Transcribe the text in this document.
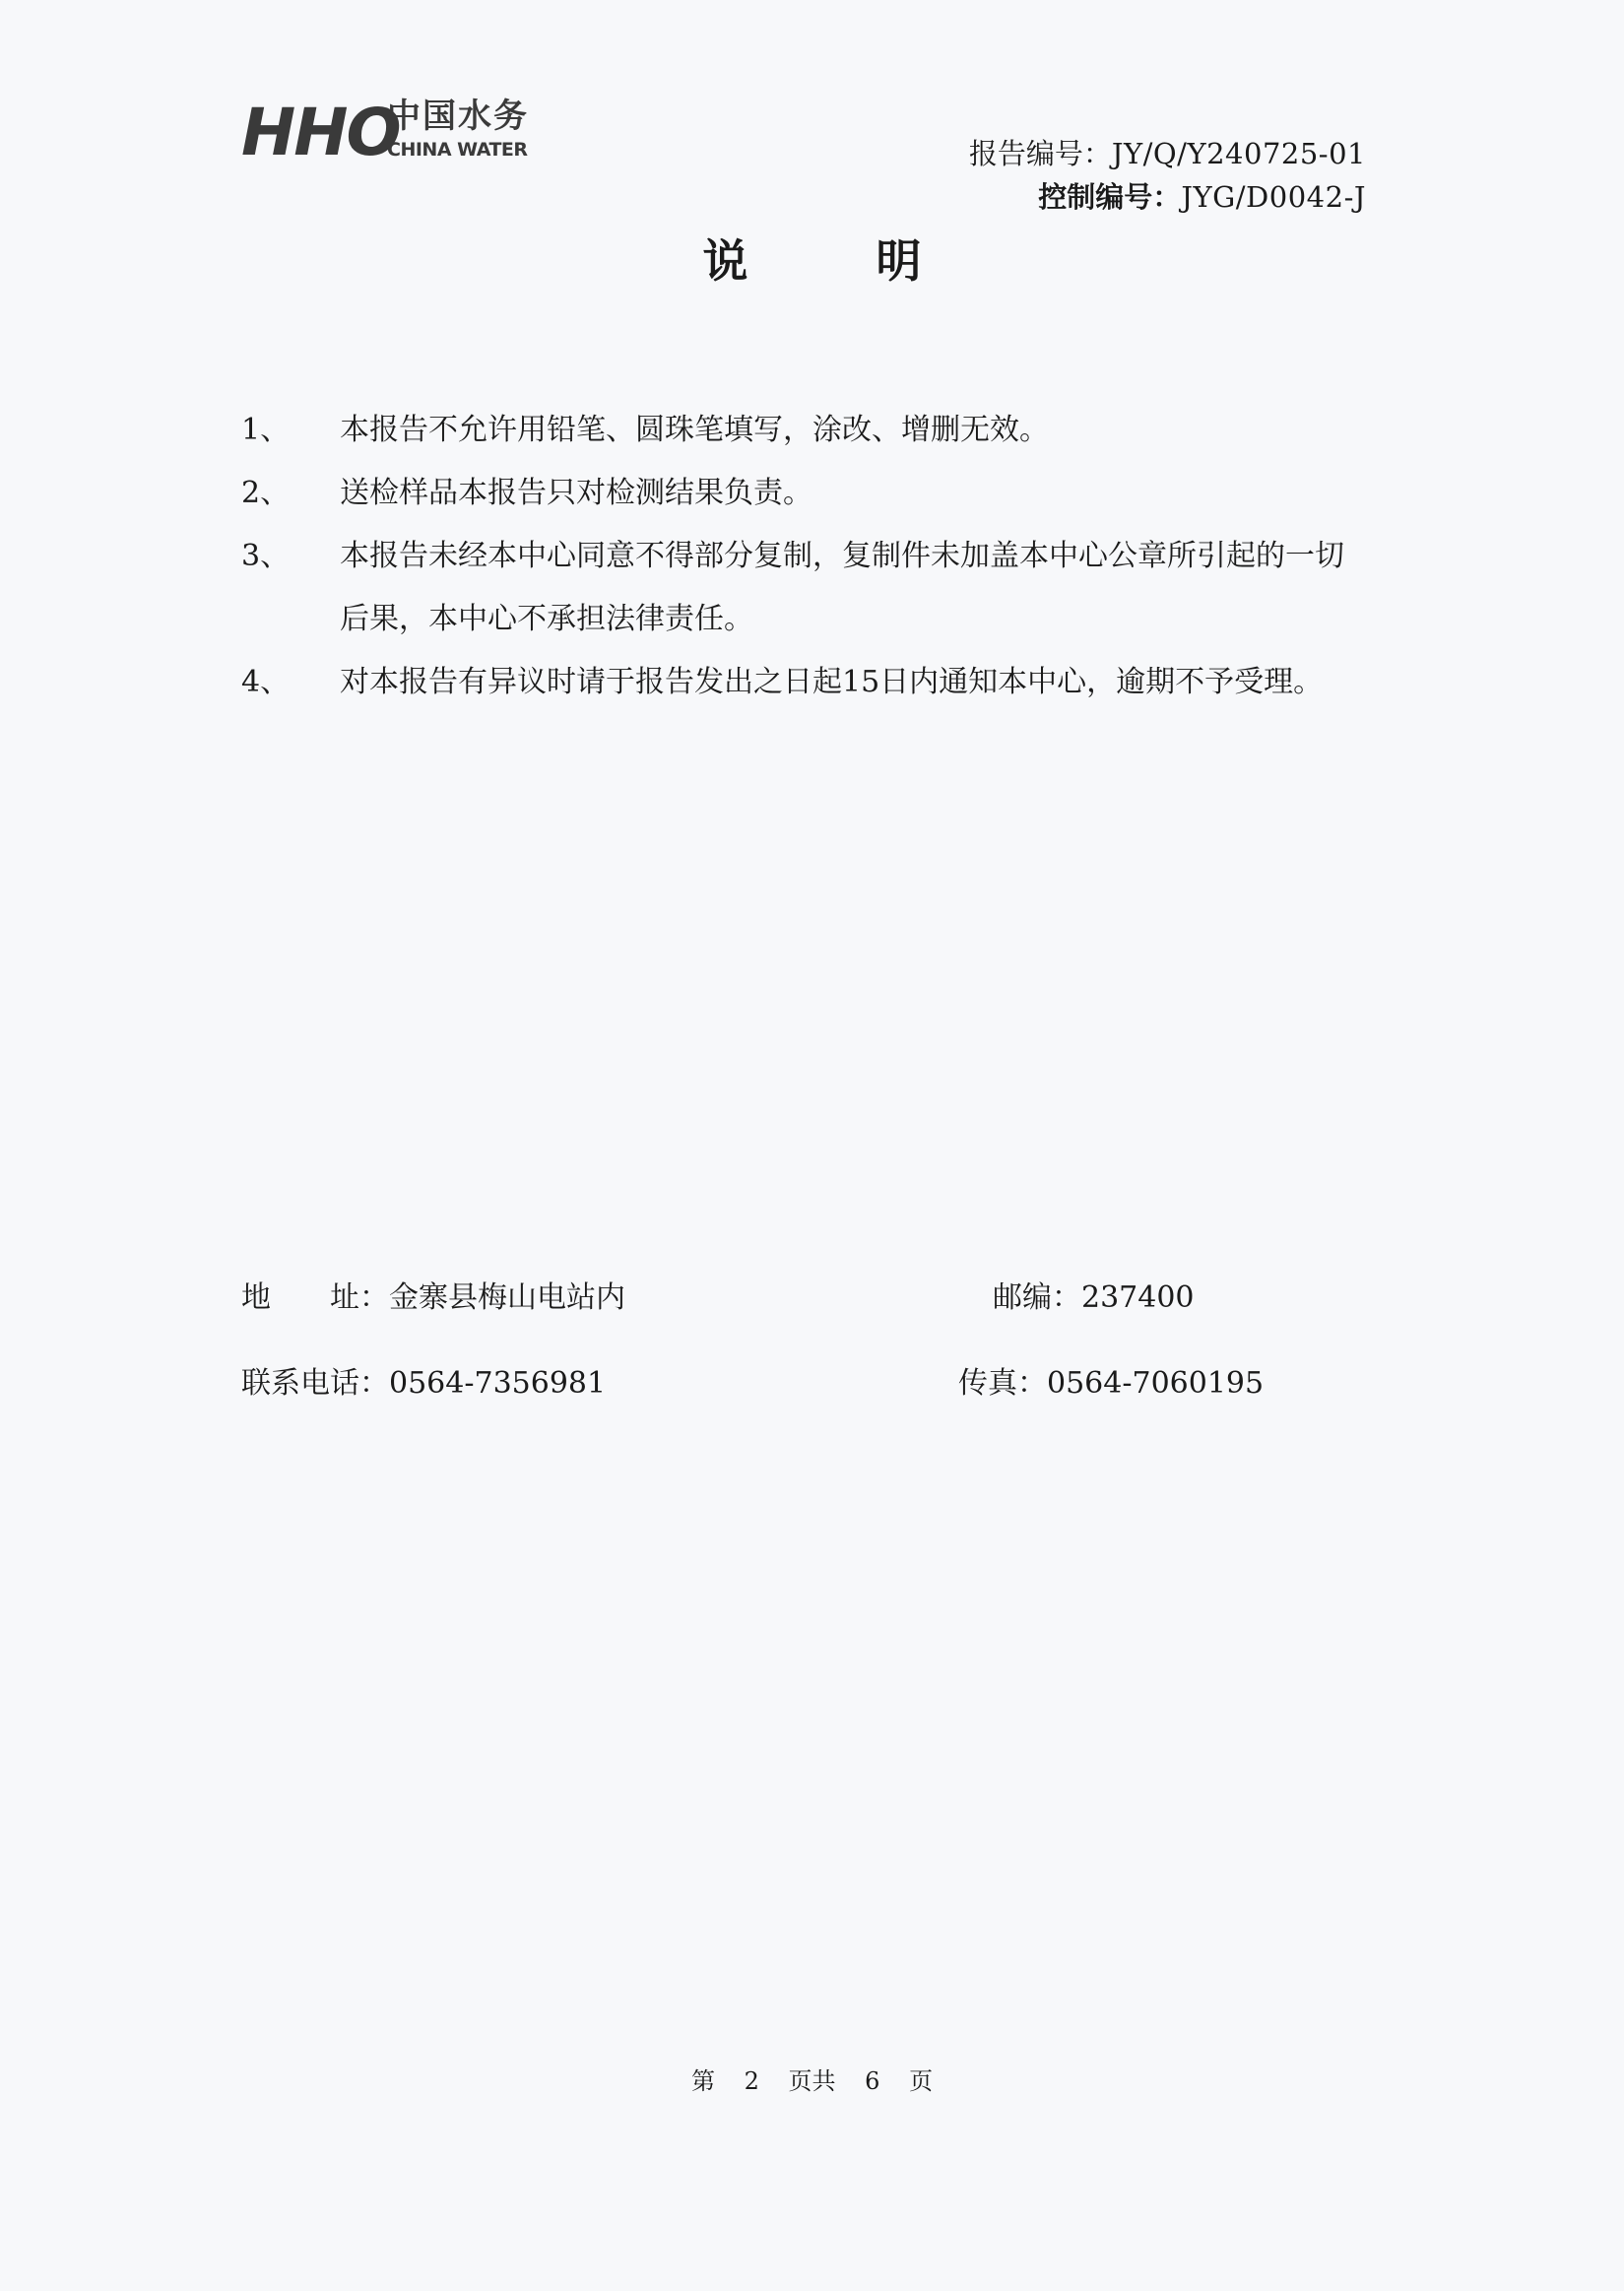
HHO
中国水务
CHINA WATER	报告编号：JY/Q/Y240725-01
控制编号：JYG/D0042-J
说明
1、	本报告不允许用铅笔、圆珠笔填写，涂改、增删无效。
2、	送检样品本报告只对检测结果负责。
3、	本报告未经本中心同意不得部分复制，复制件未加盖本中心公章所引起的一切后果，本中心不承担法律责任。
4、	对本报告有异议时请于报告发出之日起15日内通知本中心，逾期不予受理。
地　　址：金寨县梅山电站内	邮编：237400
联系电话：0564-7356981	传真：0564-7060195
第 2 页共 6 页
